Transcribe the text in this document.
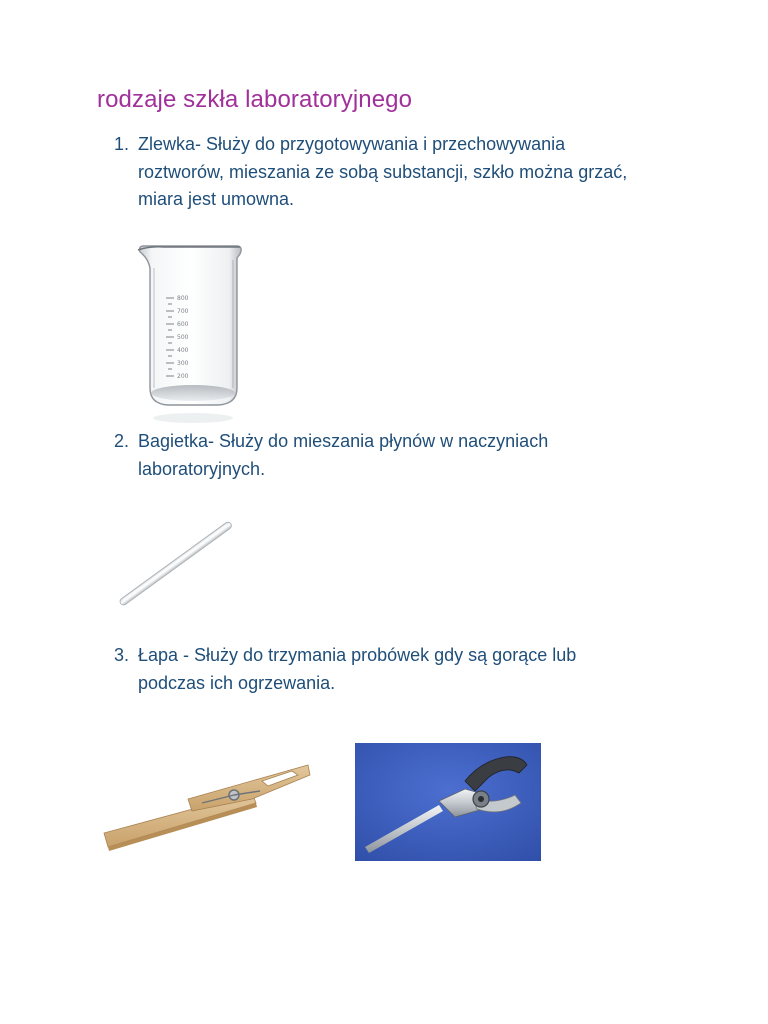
rodzaje szkła laboratoryjnego
1. Zlewka- Służy do przygotowywania i przechowywania
roztworów, mieszania ze sobą substancji, szkło można grzać,
miara jest umowna.
800
700
600
500
400
300
200
2. Bagietka- Służy do mieszania płynów w naczyniach
laboratoryjnych.
3. Łapa - Służy do trzymania probówek gdy są gorące lub
podczas ich ogrzewania.
